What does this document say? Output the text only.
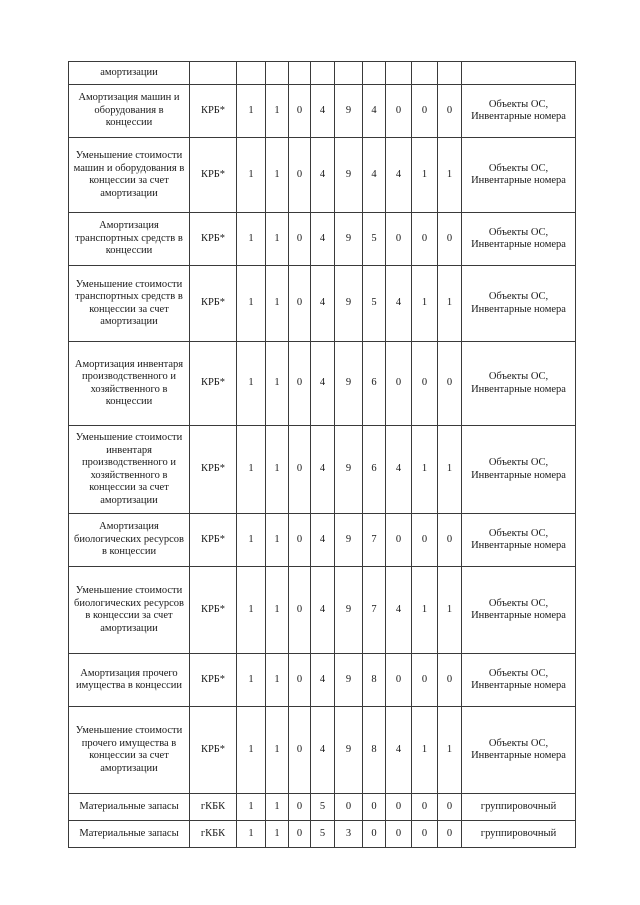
амортизации											
Амортизация машин и оборудования в концессии	КРБ*	1	1	0	4	9	4	0	0	0	Объекты ОС, Инвентарные номера
Уменьшение стоимости машин и оборудования в концессии за счет амортизации	КРБ*	1	1	0	4	9	4	4	1	1	Объекты ОС, Инвентарные номера
Амортизация транспортных средств в концессии	КРБ*	1	1	0	4	9	5	0	0	0	Объекты ОС, Инвентарные номера
Уменьшение стоимости транспортных средств в концессии за счет амортизации	КРБ*	1	1	0	4	9	5	4	1	1	Объекты ОС, Инвентарные номера
Амортизация инвентаря производственного и хозяйственного в концессии	КРБ*	1	1	0	4	9	6	0	0	0	Объекты ОС, Инвентарные номера
Уменьшение стоимости инвентаря производственного и хозяйственного в концессии за счет амортизации	КРБ*	1	1	0	4	9	6	4	1	1	Объекты ОС, Инвентарные номера
Амортизация биологических ресурсов в концессии	КРБ*	1	1	0	4	9	7	0	0	0	Объекты ОС, Инвентарные номера
Уменьшение стоимости биологических ресурсов в концессии за счет амортизации	КРБ*	1	1	0	4	9	7	4	1	1	Объекты ОС, Инвентарные номера
Амортизация прочего имущества в концессии	КРБ*	1	1	0	4	9	8	0	0	0	Объекты ОС, Инвентарные номера
Уменьшение стоимости прочего имущества в концессии за счет амортизации	КРБ*	1	1	0	4	9	8	4	1	1	Объекты ОС, Инвентарные номера
Материальные запасы	гКБК	1	1	0	5	0	0	0	0	0	группировочный
Материальные запасы	гКБК	1	1	0	5	3	0	0	0	0	группировочный
